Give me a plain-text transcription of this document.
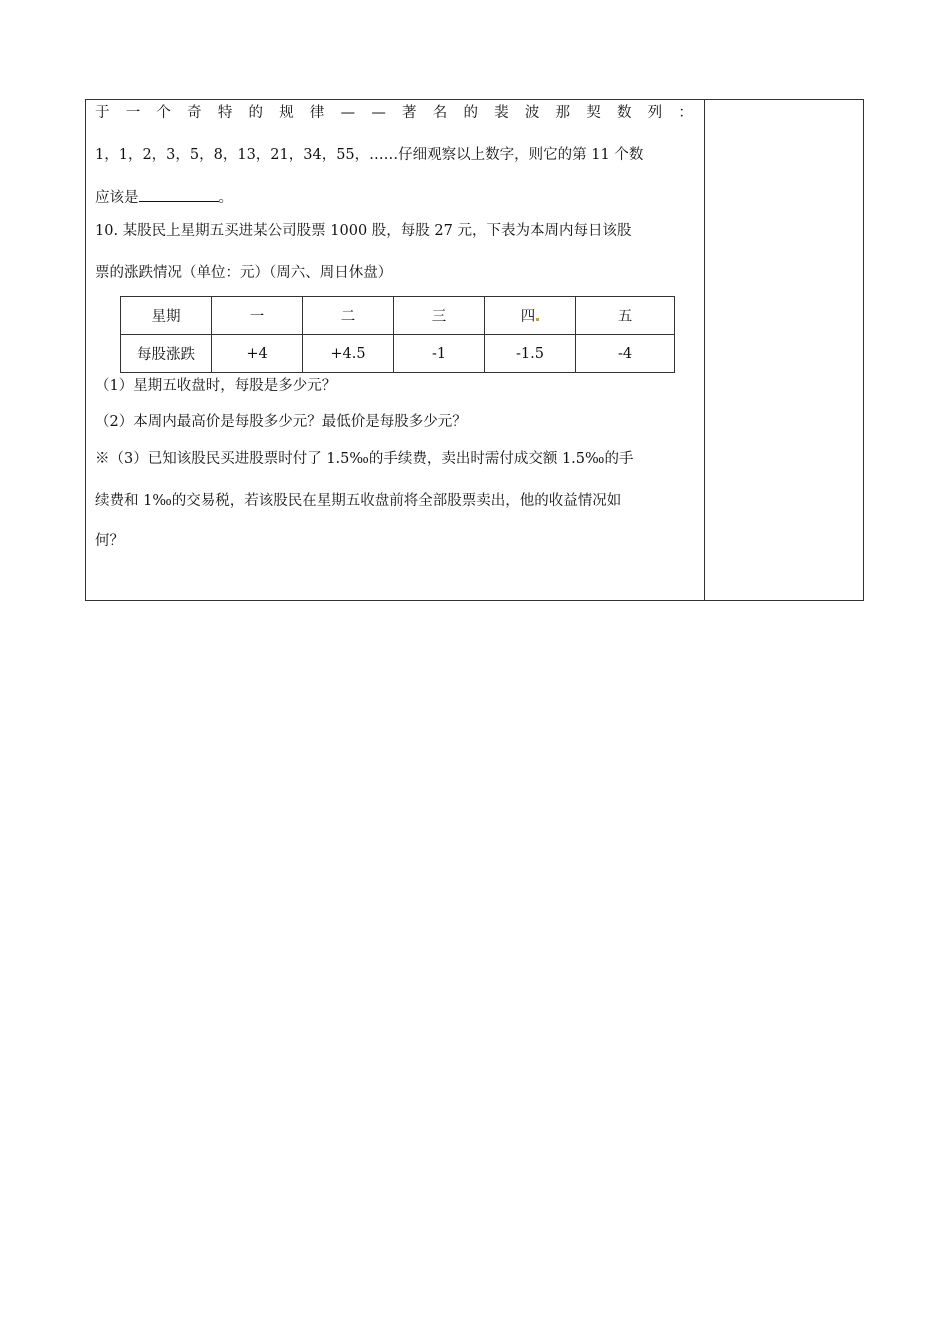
于 一 个 奇 特 的 规 律 — — 著 名 的 裴 波 那 契 数 列 ：
1，1，2，3，5，8，13，21，34，55，……仔细观察以上数字，则它的第 11 个数
应该是	。
10. 某股民上星期五买进某公司股票 1000 股，每股 27 元，下表为本周内每日该股
票的涨跌情况（单位：元）（周六、周日休盘）
星期	一	二	三	四	五
每股涨跌	+4	+4.5	-1	-1.5	-4
（1）星期五收盘时，每股是多少元？
（2）本周内最高价是每股多少元？最低价是每股多少元？
※（3）已知该股民买进股票时付了 1.5‰的手续费，卖出时需付成交额 1.5‰的手
续费和 1‰的交易税，若该股民在星期五收盘前将全部股票卖出，他的收益情况如
何？
